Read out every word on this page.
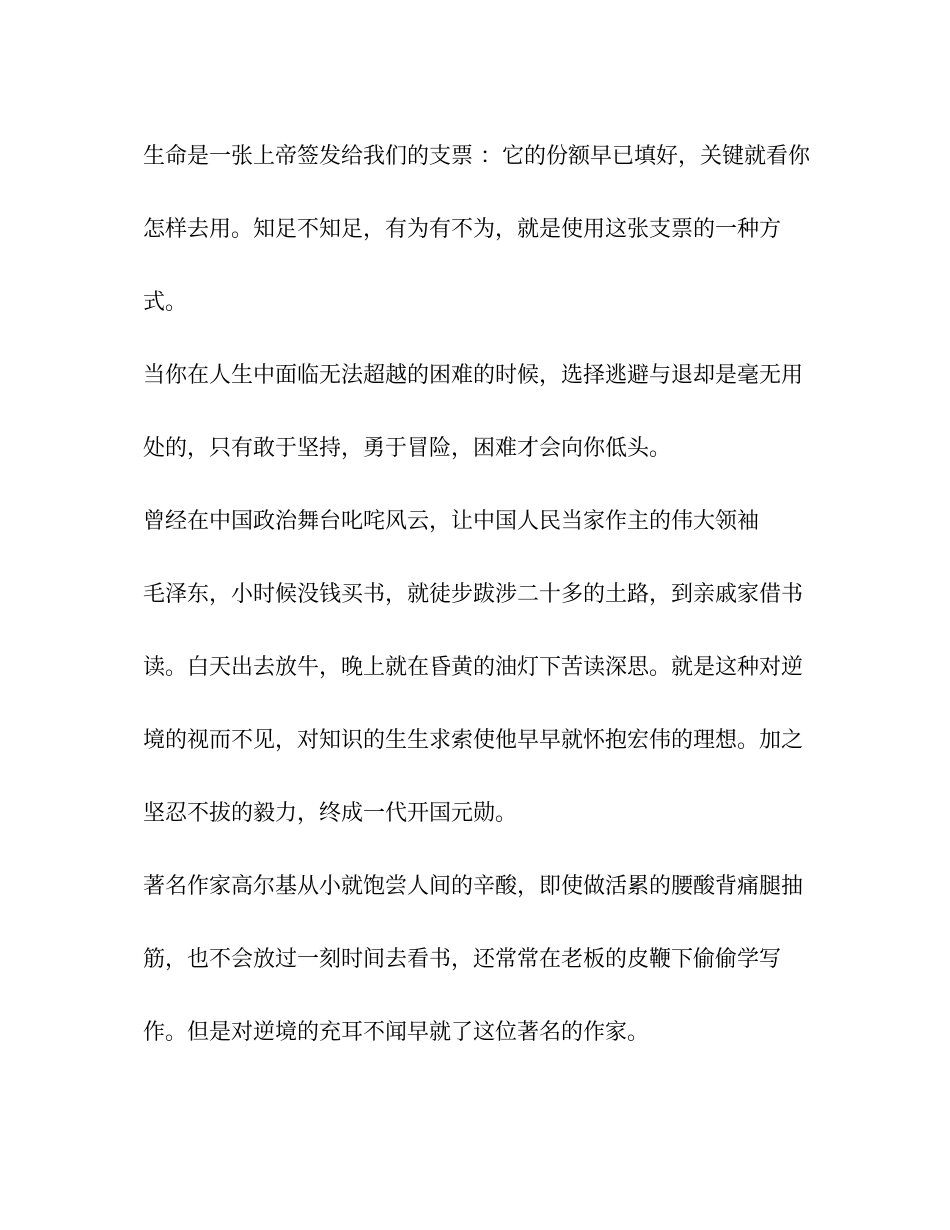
生命是一张上帝签发给我们的支票 ：它的份额早已填好，关键就看你
怎样去用。知足不知足，有为有不为，就是使用这张支票的一种方
式。
当你在人生中面临无法超越的困难的时候，选择逃避与退却是毫无用
处的，只有敢于坚持，勇于冒险，困难才会向你低头。
曾经在中国政治舞台叱咤风云，让中国人民当家作主的伟大领袖
毛泽东，小时候没钱买书，就徒步跋涉二十多的土路，到亲戚家借书
读。白天出去放牛，晚上就在昏黄的油灯下苦读深思。就是这种对逆
境的视而不见，对知识的生生求索使他早早就怀抱宏伟的理想。加之
坚忍不拔的毅力，终成一代开国元勋。
著名作家高尔基从小就饱尝人间的辛酸，即使做活累的腰酸背痛腿抽
筋，也不会放过一刻时间去看书，还常常在老板的皮鞭下偷偷学写
作。但是对逆境的充耳不闻早就了这位著名的作家。
